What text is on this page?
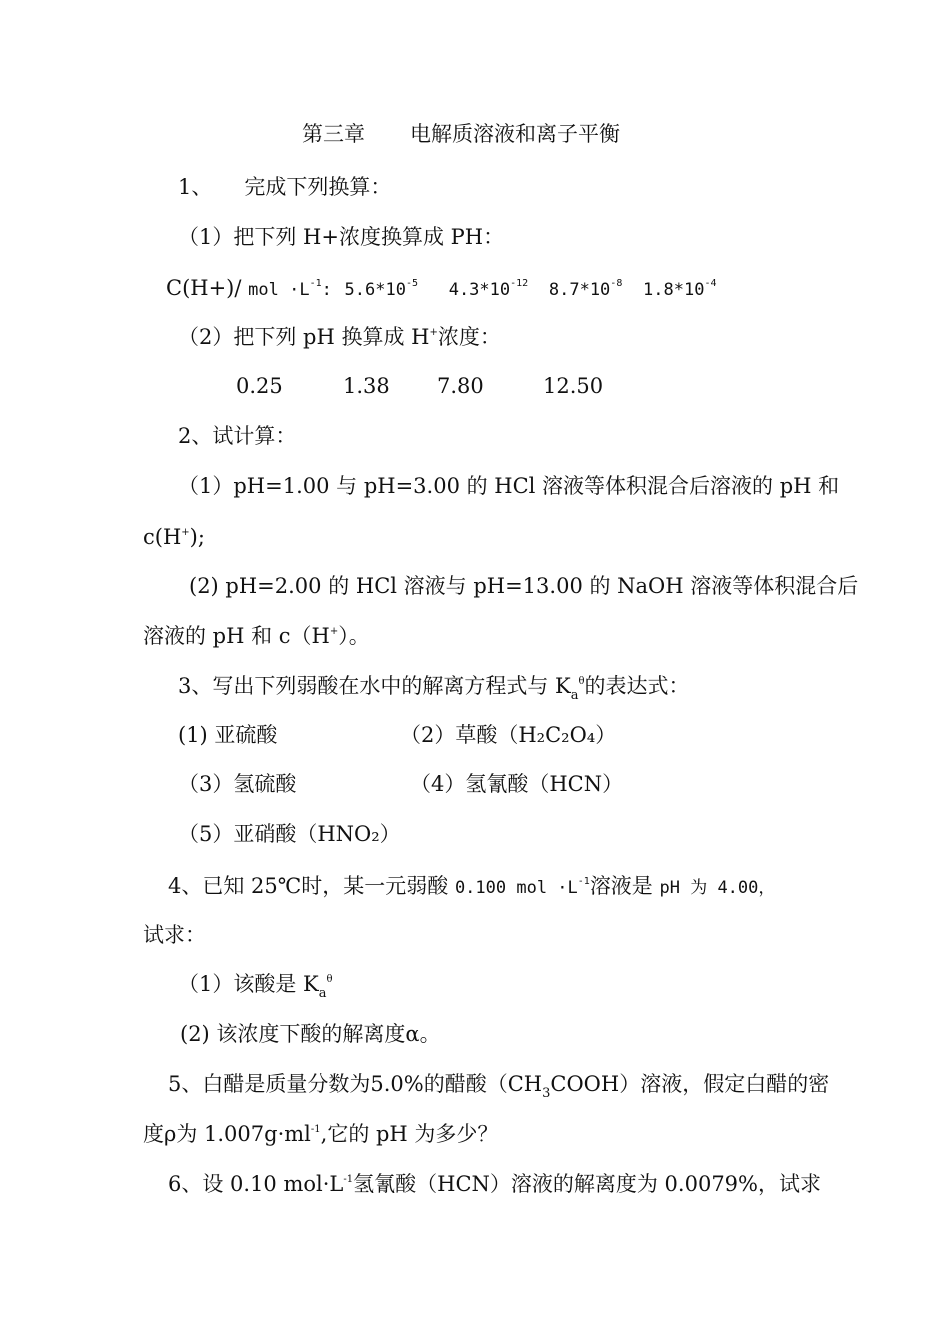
第三章 电解质溶液和离子平衡
1、 完成下列换算：
（1）把下列 H+浓度换算成 PH：
C(H+)/ mol $\cdot L^{-1}$: $5.6*10^{-5}$ $4.3*10^{-12}$ $8.7*10^{-8}$ $1.8*10^{-4}$
（2）把下列 pH 换算成 H+浓度：
0.25	1.38 7.80	12.50
2、试计算：
（1）pH=1.00 与 pH=3.00 的 HCl 溶液等体积混合后溶液的 pH 和
c(H+);
(2) pH=2.00 的 HCl 溶液与 pH=13.00 的 NaOH 溶液等体积混合后
溶液的 pH 和 c（H+）。
3、写出下列弱酸在水中的解离方程式与 $K_a^\theta$的表达式：
(1) 亚硫酸	（2）草酸（H₂C₂O₄）
（3）氢硫酸	（4）氢氰酸（HCN）
（5）亚硝酸（HNO₂）
4、已知 25℃时，某一元弱酸 0.100 mol $\cdot L^{-1}$溶液是 pH 为 4.00，
试求：
（1）该酸是 $K_a^\theta$
(2) 该浓度下酸的解离度α。
5、白醋是质量分数为5.0%的醋酸$(CH_3COOH)$溶液，假定白醋的密
度ρ为 $1.007g\cdot ml^{-1}$,它的 pH 为多少？
6、设 0.10 $mol\cdot L^{-1}$氢氰酸（HCN）溶液的解离度为 0.0079%，试求
